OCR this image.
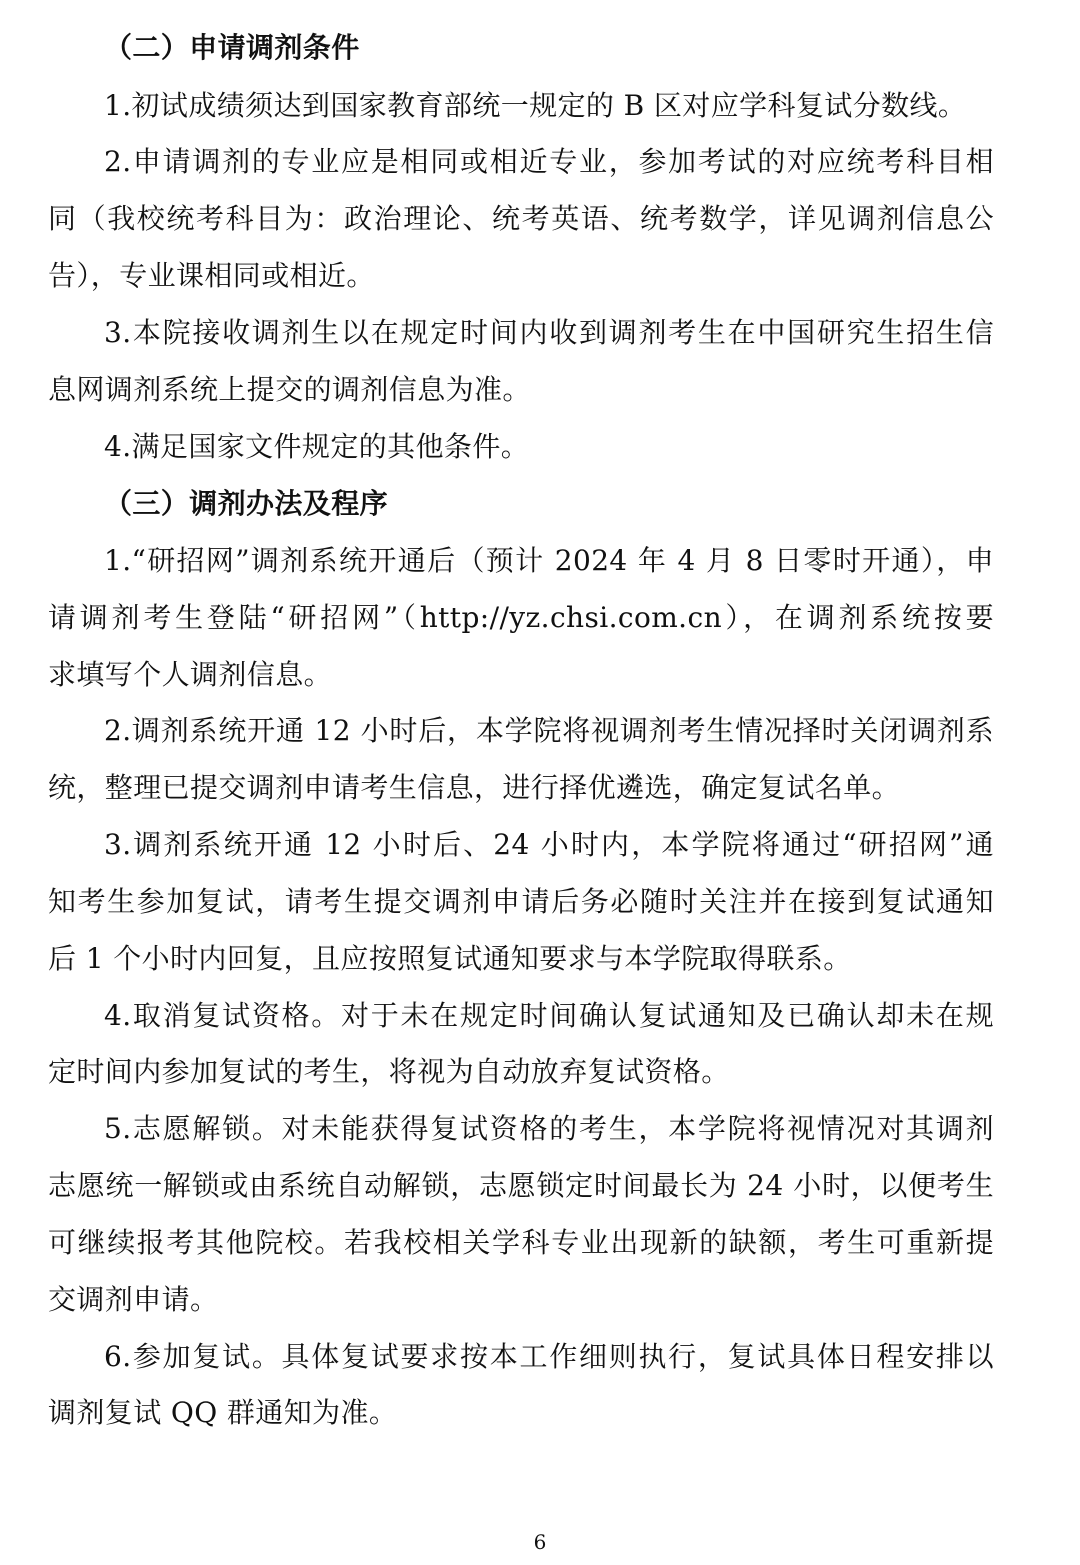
（二）申请调剂条件
1.初试成绩须达到国家教育部统一规定的 B 区对应学科复试分数线。
2.申请调剂的专业应是相同或相近专业，参加考试的对应统考科目相
同（我校统考科目为：政治理论、统考英语、统考数学，详见调剂信息公
告），专业课相同或相近。
3.本院接收调剂生以在规定时间内收到调剂考生在中国研究生招生信
息网调剂系统上提交的调剂信息为准。
4.满足国家文件规定的其他条件。
（三）调剂办法及程序
1.“研招网”调剂系统开通后（预计 2024 年 4 月 8 日零时开通），申
请调剂考生登陆“研招网”（http://yz.chsi.com.cn），在调剂系统按要
求填写个人调剂信息。
2.调剂系统开通 12 小时后，本学院将视调剂考生情况择时关闭调剂系
统，整理已提交调剂申请考生信息，进行择优遴选，确定复试名单。
3.调剂系统开通 12 小时后、24 小时内，本学院将通过“研招网”通
知考生参加复试，请考生提交调剂申请后务必随时关注并在接到复试通知
后 1 个小时内回复，且应按照复试通知要求与本学院取得联系。
4.取消复试资格。对于未在规定时间确认复试通知及已确认却未在规
定时间内参加复试的考生，将视为自动放弃复试资格。
5.志愿解锁。对未能获得复试资格的考生，本学院将视情况对其调剂
志愿统一解锁或由系统自动解锁，志愿锁定时间最长为 24 小时，以便考生
可继续报考其他院校。若我校相关学科专业出现新的缺额，考生可重新提
交调剂申请。
6.参加复试。具体复试要求按本工作细则执行，复试具体日程安排以
调剂复试 QQ 群通知为准。
6
